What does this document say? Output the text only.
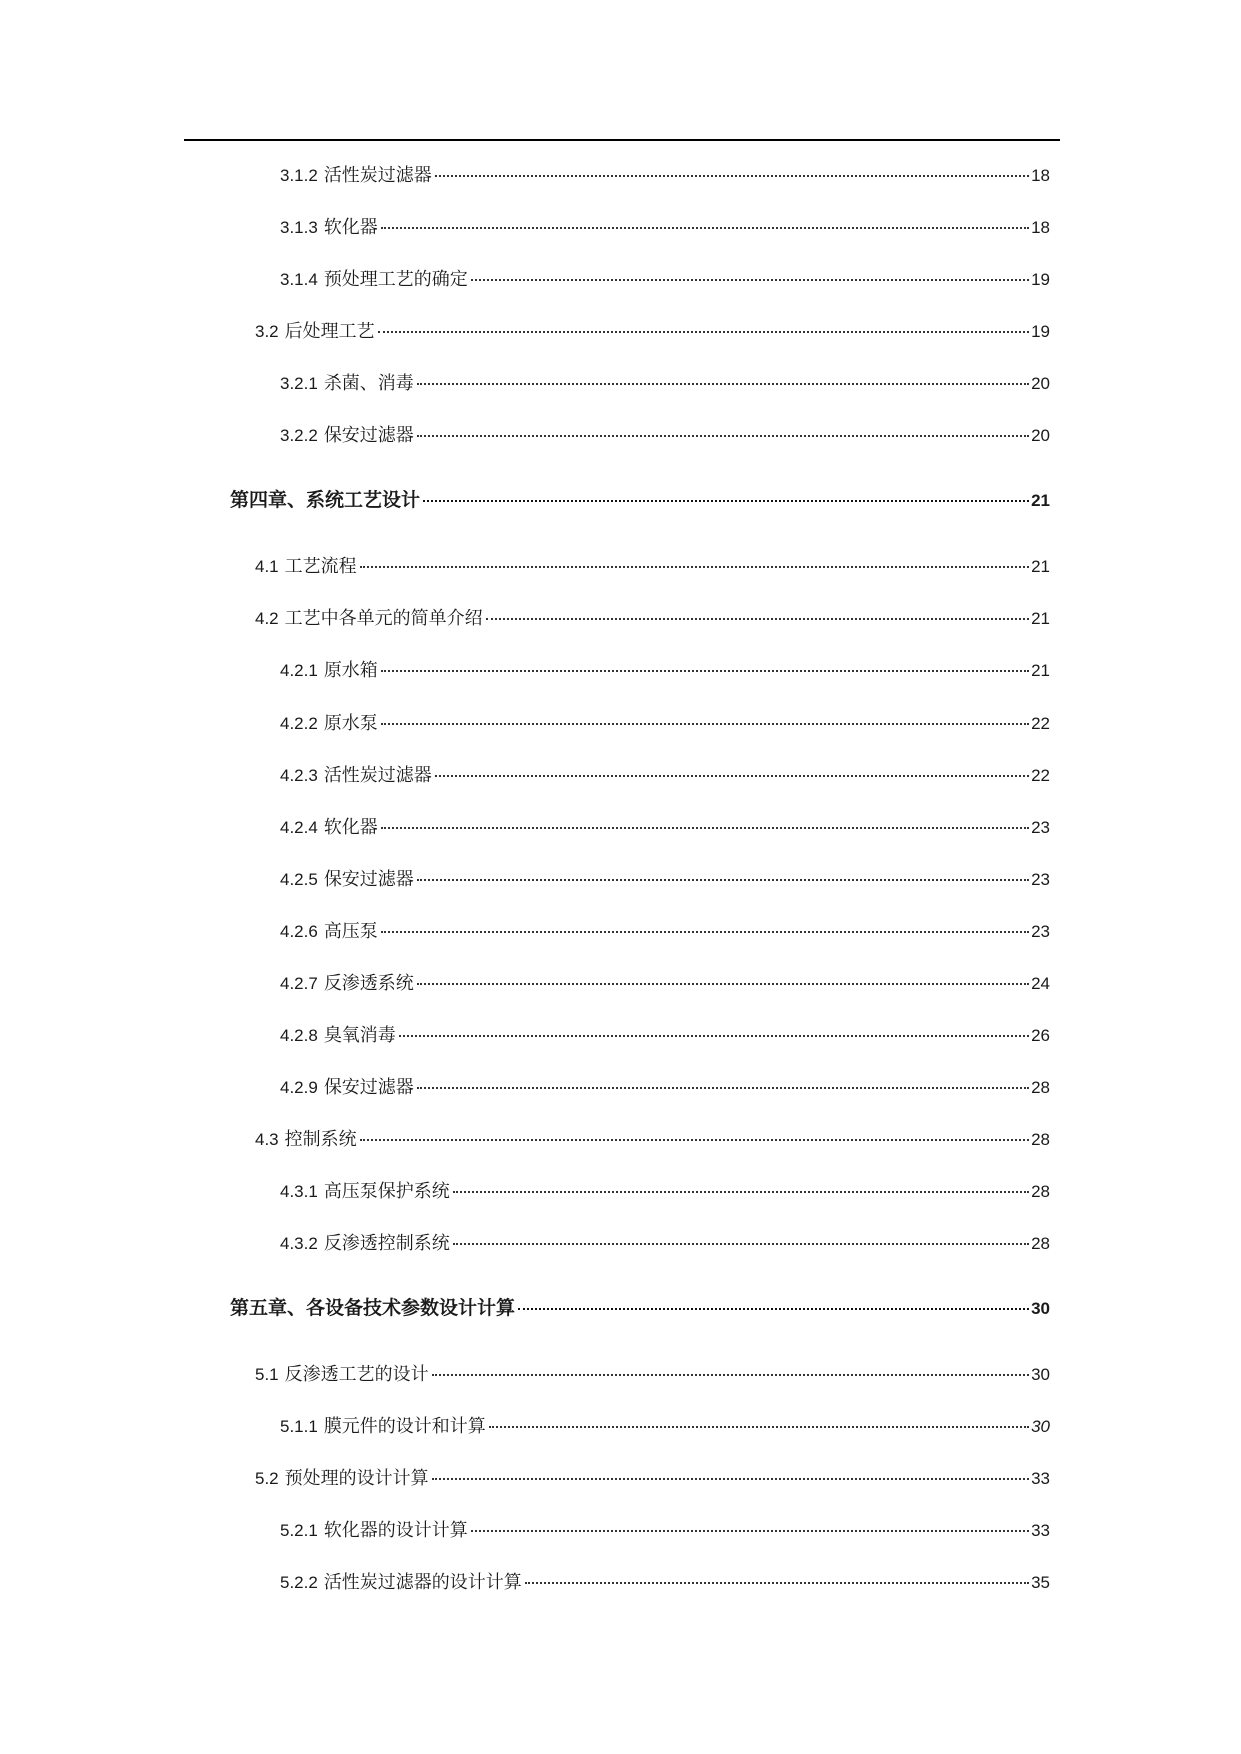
3.1.2 活性炭过滤器	18
3.1.3 软化器	18
3.1.4 预处理工艺的确定	19
3.2 后处理工艺	19
3.2.1 杀菌、消毒	20
3.2.2 保安过滤器	20
第四章、系统工艺设计	21
4.1 工艺流程	21
4.2 工艺中各单元的简单介绍	21
4.2.1 原水箱	21
4.2.2 原水泵	22
4.2.3 活性炭过滤器	22
4.2.4 软化器	23
4.2.5 保安过滤器	23
4.2.6 高压泵	23
4.2.7 反渗透系统	24
4.2.8 臭氧消毒	26
4.2.9 保安过滤器	28
4.3 控制系统	28
4.3.1 高压泵保护系统	28
4.3.2 反渗透控制系统	28
第五章、各设备技术参数设计计算	30
5.1 反渗透工艺的设计	30
5.1.1 膜元件的设计和计算	30
5.2 预处理的设计计算	33
5.2.1 软化器的设计计算	33
5.2.2 活性炭过滤器的设计计算	35
